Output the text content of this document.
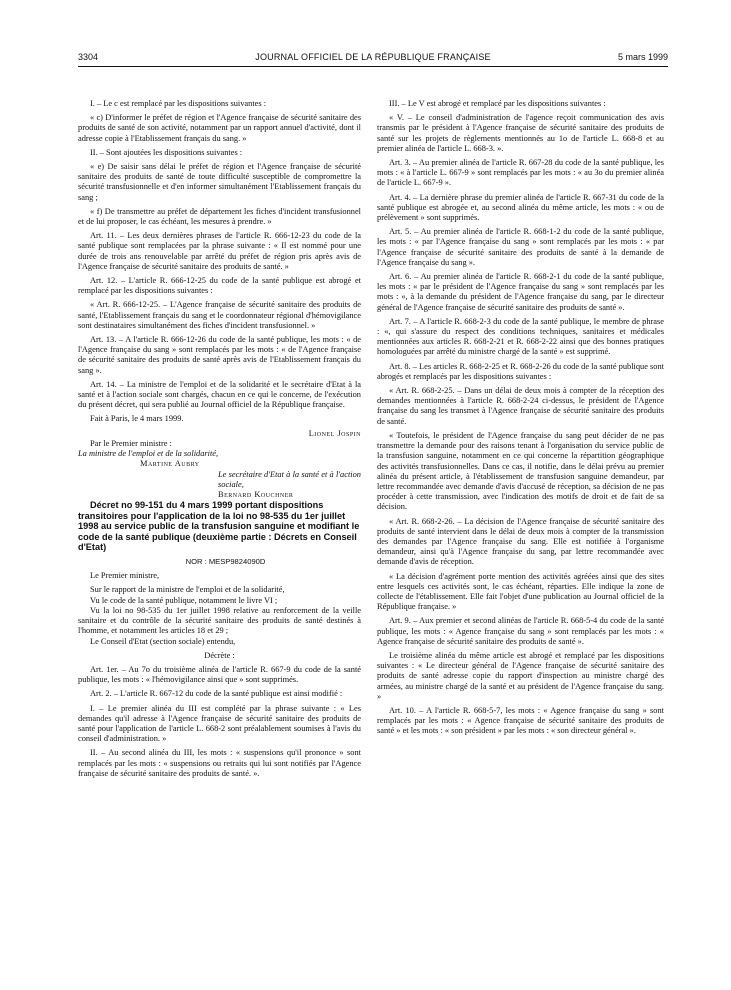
3304	JOURNAL OFFICIEL DE LA RÉPUBLIQUE FRANÇAISE	5 mars 1999

I. – Le c est remplacé par les dispositions suivantes :

« c) D'informer le préfet de région et l'Agence française de sécurité sanitaire des produits de santé de son activité, notamment par un rapport annuel d'activité, dont il adresse copie à l'Etablissement français du sang. »

II. – Sont ajoutées les dispositions suivantes :

« e) De saisir sans délai le préfet de région et l'Agence française de sécurité sanitaire des produits de santé de toute difficulté susceptible de compromettre la sécurité transfusionnelle et d'en informer simultanément l'Etablissement français du sang ;

« f) De transmettre au préfet de département les fiches d'incident transfusionnel et de lui proposer, le cas échéant, les mesures à prendre. »

Art. 11. – Les deux dernières phrases de l'article R. 666-12-23 du code de la santé publique sont remplacées par la phrase suivante : « Il est nommé pour une durée de trois ans renouvelable par arrêté du préfet de région pris après avis de l'Agence française de sécurité sanitaire des produits de santé. »

Art. 12. – L'article R. 666-12-25 du code de la santé publique est abrogé et remplacé par les dispositions suivantes :

« Art. R. 666-12-25. – L'Agence française de sécurité sanitaire des produits de santé, l'Etablissement français du sang et le coordonnateur régional d'hémovigilance sont destinataires simultanément des fiches d'incident transfusionnel. »

Art. 13. – A l'article R. 666-12-26 du code de la santé publique, les mots : « de l'Agence française du sang » sont remplacés par les mots : « de l'Agence française de sécurité sanitaire des produits de santé après avis de l'Etablissement français du sang ».

Art. 14. – La ministre de l'emploi et de la solidarité et le secrétaire d'Etat à la santé et à l'action sociale sont chargés, chacun en ce qui le concerne, de l'exécution du présent décret, qui sera publié au Journal officiel de la République française.

Fait à Paris, le 4 mars 1999.

Lionel Jospin

Par le Premier ministre :

La ministre de l'emploi et de la solidarité,

Martine Aubry

Le secrétaire d'Etat à la santé et à l'action sociale,

Bernard Kouchner

Décret no 99-151 du 4 mars 1999 portant dispositions transitoires pour l'application de la loi no 98-535 du 1er juillet 1998 au service public de la transfusion sanguine et modifiant le code de la santé publique (deuxième partie : Décrets en Conseil d'Etat)

NOR : MESP9824090D

Le Premier ministre,

Sur le rapport de la ministre de l'emploi et de la solidarité,

Vu le code de la santé publique, notamment le livre VI ;

Vu la loi no 98-535 du 1er juillet 1998 relative au renforcement de la veille sanitaire et du contrôle de la sécurité sanitaire des produits de santé destinés à l'homme, et notamment les articles 18 et 29 ;

Le Conseil d'Etat (section sociale) entendu,

Décrète :

Art. 1er. – Au 7o du troisième alinéa de l'article R. 667-9 du code de la santé publique, les mots : « l'hémovigilance ainsi que » sont supprimés.

Art. 2. – L'article R. 667-12 du code de la santé publique est ainsi modifié :

I. – Le premier alinéa du III est complété par la phrase suivante : « Les demandes qu'il adresse à l'Agence française de sécurité sanitaire des produits de santé pour l'application de l'article L. 668-2 sont préalablement soumises à l'avis du conseil d'administration. »

II. – Au second alinéa du III, les mots : « suspensions qu'il prononce » sont remplacés par les mots : « suspensions ou retraits qui lui sont notifiés par l'Agence française de sécurité sanitaire des produits de santé. ».

III. – Le V est abrogé et remplacé par les dispositions suivantes :

« V. – Le conseil d'administration de l'agence reçoit communication des avis transmis par le président à l'Agence française de sécurité sanitaire des produits de santé sur les projets de règlements mentionnés au 1o de l'article L. 668-8 et au premier alinéa de l'article L. 668-3. ».

Art. 3. – Au premier alinéa de l'article R. 667-28 du code de la santé publique, les mots : « à l'article L. 667-9 » sont remplacés par les mots : « au 3o du premier alinéa de l'article L. 667-9 ».

Art. 4. – La dernière phrase du premier alinéa de l'article R. 667-31 du code de la santé publique est abrogée et, au second alinéa du même article, les mots : « ou de prélèvement » sont supprimés.

Art. 5. – Au premier alinéa de l'article R. 668-1-2 du code de la santé publique, les mots : « par l'Agence française du sang » sont remplacés par les mots : « par l'Agence française de sécurité sanitaire des produits de santé à la demande de l'Agence française du sang ».

Art. 6. – Au premier alinéa de l'article R. 668-2-1 du code de la santé publique, les mots : « par le président de l'Agence française du sang » sont remplacés par les mots : «, à la demande du président de l'Agence française du sang, par le directeur général de l'Agence française de sécurité sanitaire des produits de santé ».

Art. 7. – A l'article R. 668-2-3 du code de la santé publique, le membre de phrase : «, qui s'assure du respect des conditions techniques, sanitaires et médicales mentionnées aux articles R. 668-2-21 et R. 668-2-22 ainsi que des bonnes pratiques homologuées par arrêté du ministre chargé de la santé » est supprimé.

Art. 8. – Les articles R. 668-2-25 et R. 668-2-26 du code de la santé publique sont abrogés et remplacés par les dispositions suivantes :

« Art. R. 668-2-25. – Dans un délai de deux mois à compter de la réception des demandes mentionnées à l'article R. 668-2-24 ci-dessus, le président de l'Agence française du sang les transmet à l'Agence française de sécurité sanitaire des produits de santé.

« Toutefois, le président de l'Agence française du sang peut décider de ne pas transmettre la demande pour des raisons tenant à l'organisation du service public de la transfusion sanguine, notamment en ce qui concerne la répartition géographique des activités transfusionnelles. Dans ce cas, il notifie, dans le délai prévu au premier alinéa du présent article, à l'établissement de transfusion sanguine demandeur, par lettre recommandée avec demande d'avis d'accusé de réception, sa décision de ne pas procéder à cette transmission, avec l'indication des motifs de droit et de fait de sa décision.

« Art. R. 668-2-26. – La décision de l'Agence française de sécurité sanitaire des produits de santé intervient dans le délai de deux mois à compter de la transmission des demandes par l'Agence française du sang. Elle est notifiée à l'organisme demandeur, ainsi qu'à l'Agence française du sang, par lettre recommandée avec demande d'avis de réception.

« La décision d'agrément porte mention des activités agréées ainsi que des sites entre lesquels ces activités sont, le cas échéant, réparties. Elle indique la zone de collecte de l'établissement. Elle fait l'objet d'une publication au Journal officiel de la République française. »

Art. 9. – Aux premier et second alinéas de l'article R. 668-5-4 du code de la santé publique, les mots : « Agence française du sang » sont remplacés par les mots : « Agence française de sécurité sanitaire des produits de santé ».

Le troisième alinéa du même article est abrogé et remplacé par les dispositions suivantes : « Le directeur général de l'Agence française de sécurité sanitaire des produits de santé adresse copie du rapport d'inspection au ministre chargé des armées, au ministre chargé de la santé et au président de l'Agence française du sang. »

Art. 10. – A l'article R. 668-5-7, les mots : « Agence française du sang » sont remplacés par les mots : « Agence française de sécurité sanitaire des produits de santé » et les mots : « son président » par les mots : « son directeur général ».
